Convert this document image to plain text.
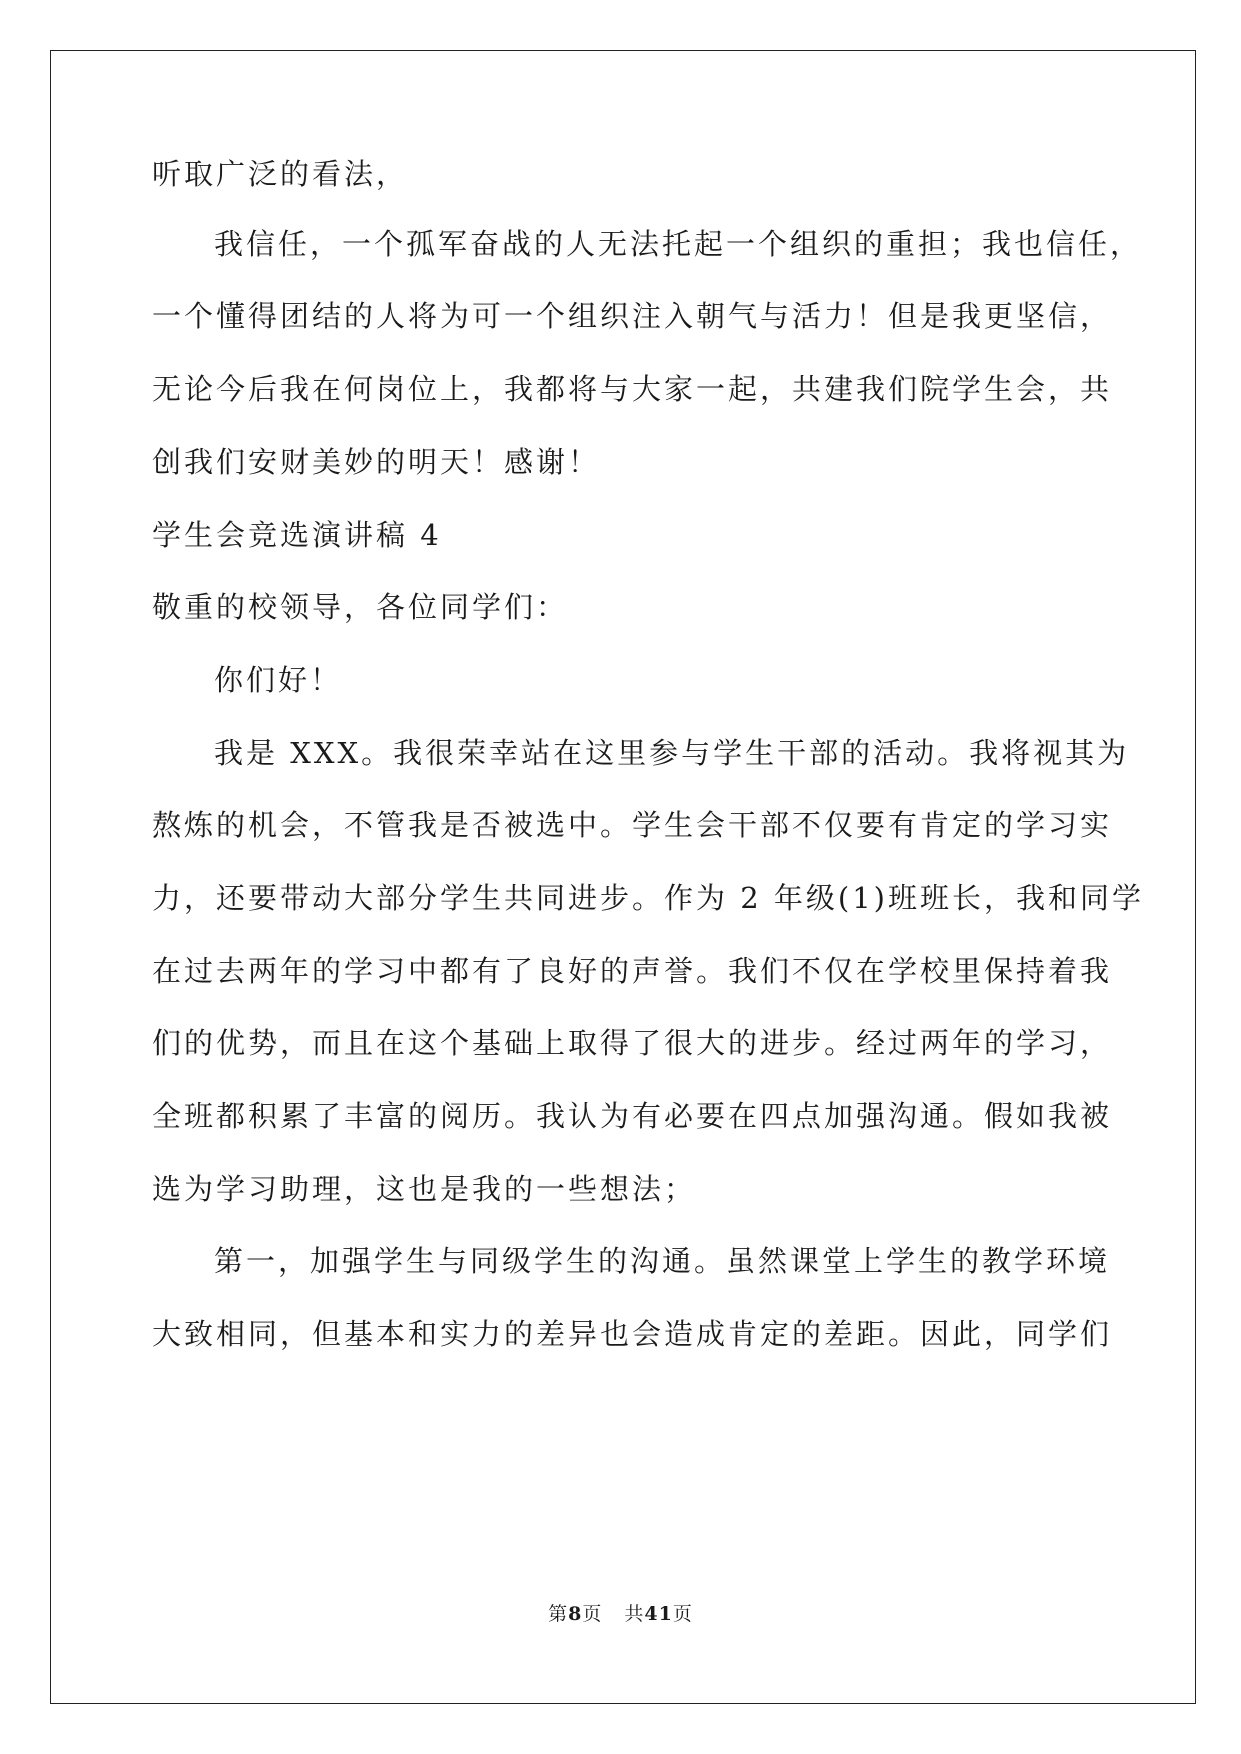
听取广泛的看法，
我信任，一个孤军奋战的人无法托起一个组织的重担；我也信任，
一个懂得团结的人将为可一个组织注入朝气与活力！但是我更坚信，
无论今后我在何岗位上，我都将与大家一起，共建我们院学生会，共
创我们安财美妙的明天！感谢！
学生会竞选演讲稿 4
敬重的校领导，各位同学们：
你们好！
我是 XXX。我很荣幸站在这里参与学生干部的活动。我将视其为
熬炼的机会，不管我是否被选中。学生会干部不仅要有肯定的学习实
力，还要带动大部分学生共同进步。作为 2 年级(1)班班长，我和同学
在过去两年的学习中都有了良好的声誉。我们不仅在学校里保持着我
们的优势，而且在这个基础上取得了很大的进步。经过两年的学习，
全班都积累了丰富的阅历。我认为有必要在四点加强沟通。假如我被
选为学习助理，这也是我的一些想法；
第一，加强学生与同级学生的沟通。虽然课堂上学生的教学环境
大致相同，但基本和实力的差异也会造成肯定的差距。因此，同学们
第8页 共41页
